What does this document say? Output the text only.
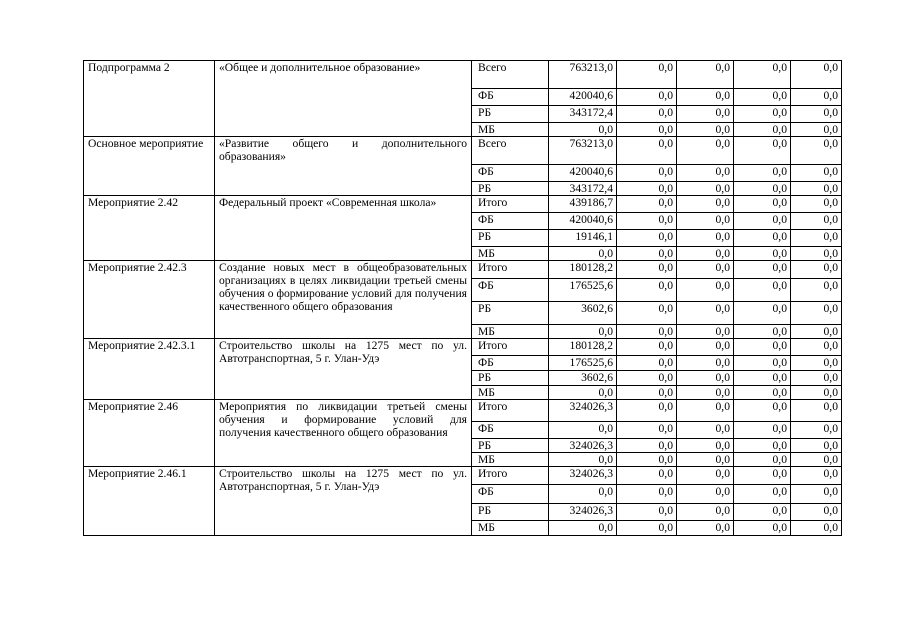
Подпрограмма 2	«Общее и дополнительное образование»	Всего	763213,0	0,0	0,0	0,0	0,0
		ФБ	420040,6	0,0	0,0	0,0	0,0
		РБ	343172,4	0,0	0,0	0,0	0,0
		МБ	0,0	0,0	0,0	0,0	0,0
Основное мероприятие	«Развитие общего и дополнительного образования»	Всего	763213,0	0,0	0,0	0,0	0,0
		ФБ	420040,6	0,0	0,0	0,0	0,0
		РБ	343172,4	0,0	0,0	0,0	0,0
Мероприятие 2.42	Федеральный проект «Современная школа»	Итого	439186,7	0,0	0,0	0,0	0,0
		ФБ	420040,6	0,0	0,0	0,0	0,0
		РБ	19146,1	0,0	0,0	0,0	0,0
		МБ	0,0	0,0	0,0	0,0	0,0
Мероприятие 2.42.3	Создание новых мест в общеобразовательных организациях в целях ликвидации третьей смены обучения о формирование условий для получения качественного общего образования	Итого	180128,2	0,0	0,0	0,0	0,0
		ФБ	176525,6	0,0	0,0	0,0	0,0
		РБ	3602,6	0,0	0,0	0,0	0,0
		МБ	0,0	0,0	0,0	0,0	0,0
Мероприятие 2.42.3.1	Строительство школы на 1275 мест по ул. Автотранспортная, 5 г. Улан-Удэ	Итого	180128,2	0,0	0,0	0,0	0,0
		ФБ	176525,6	0,0	0,0	0,0	0,0
		РБ	3602,6	0,0	0,0	0,0	0,0
		МБ	0,0	0,0	0,0	0,0	0,0
Мероприятие 2.46	Мероприятия по ликвидации третьей смены обучения и формирование условий для получения качественного общего образования	Итого	324026,3	0,0	0,0	0,0	0,0
		ФБ	0,0	0,0	0,0	0,0	0,0
		РБ	324026,3	0,0	0,0	0,0	0,0
		МБ	0,0	0,0	0,0	0,0	0,0
Мероприятие 2.46.1	Строительство школы на 1275 мест по ул. Автотранспортная, 5 г. Улан-Удэ	Итого	324026,3	0,0	0,0	0,0	0,0
		ФБ	0,0	0,0	0,0	0,0	0,0
		РБ	324026,3	0,0	0,0	0,0	0,0
		МБ	0,0	0,0	0,0	0,0	0,0
